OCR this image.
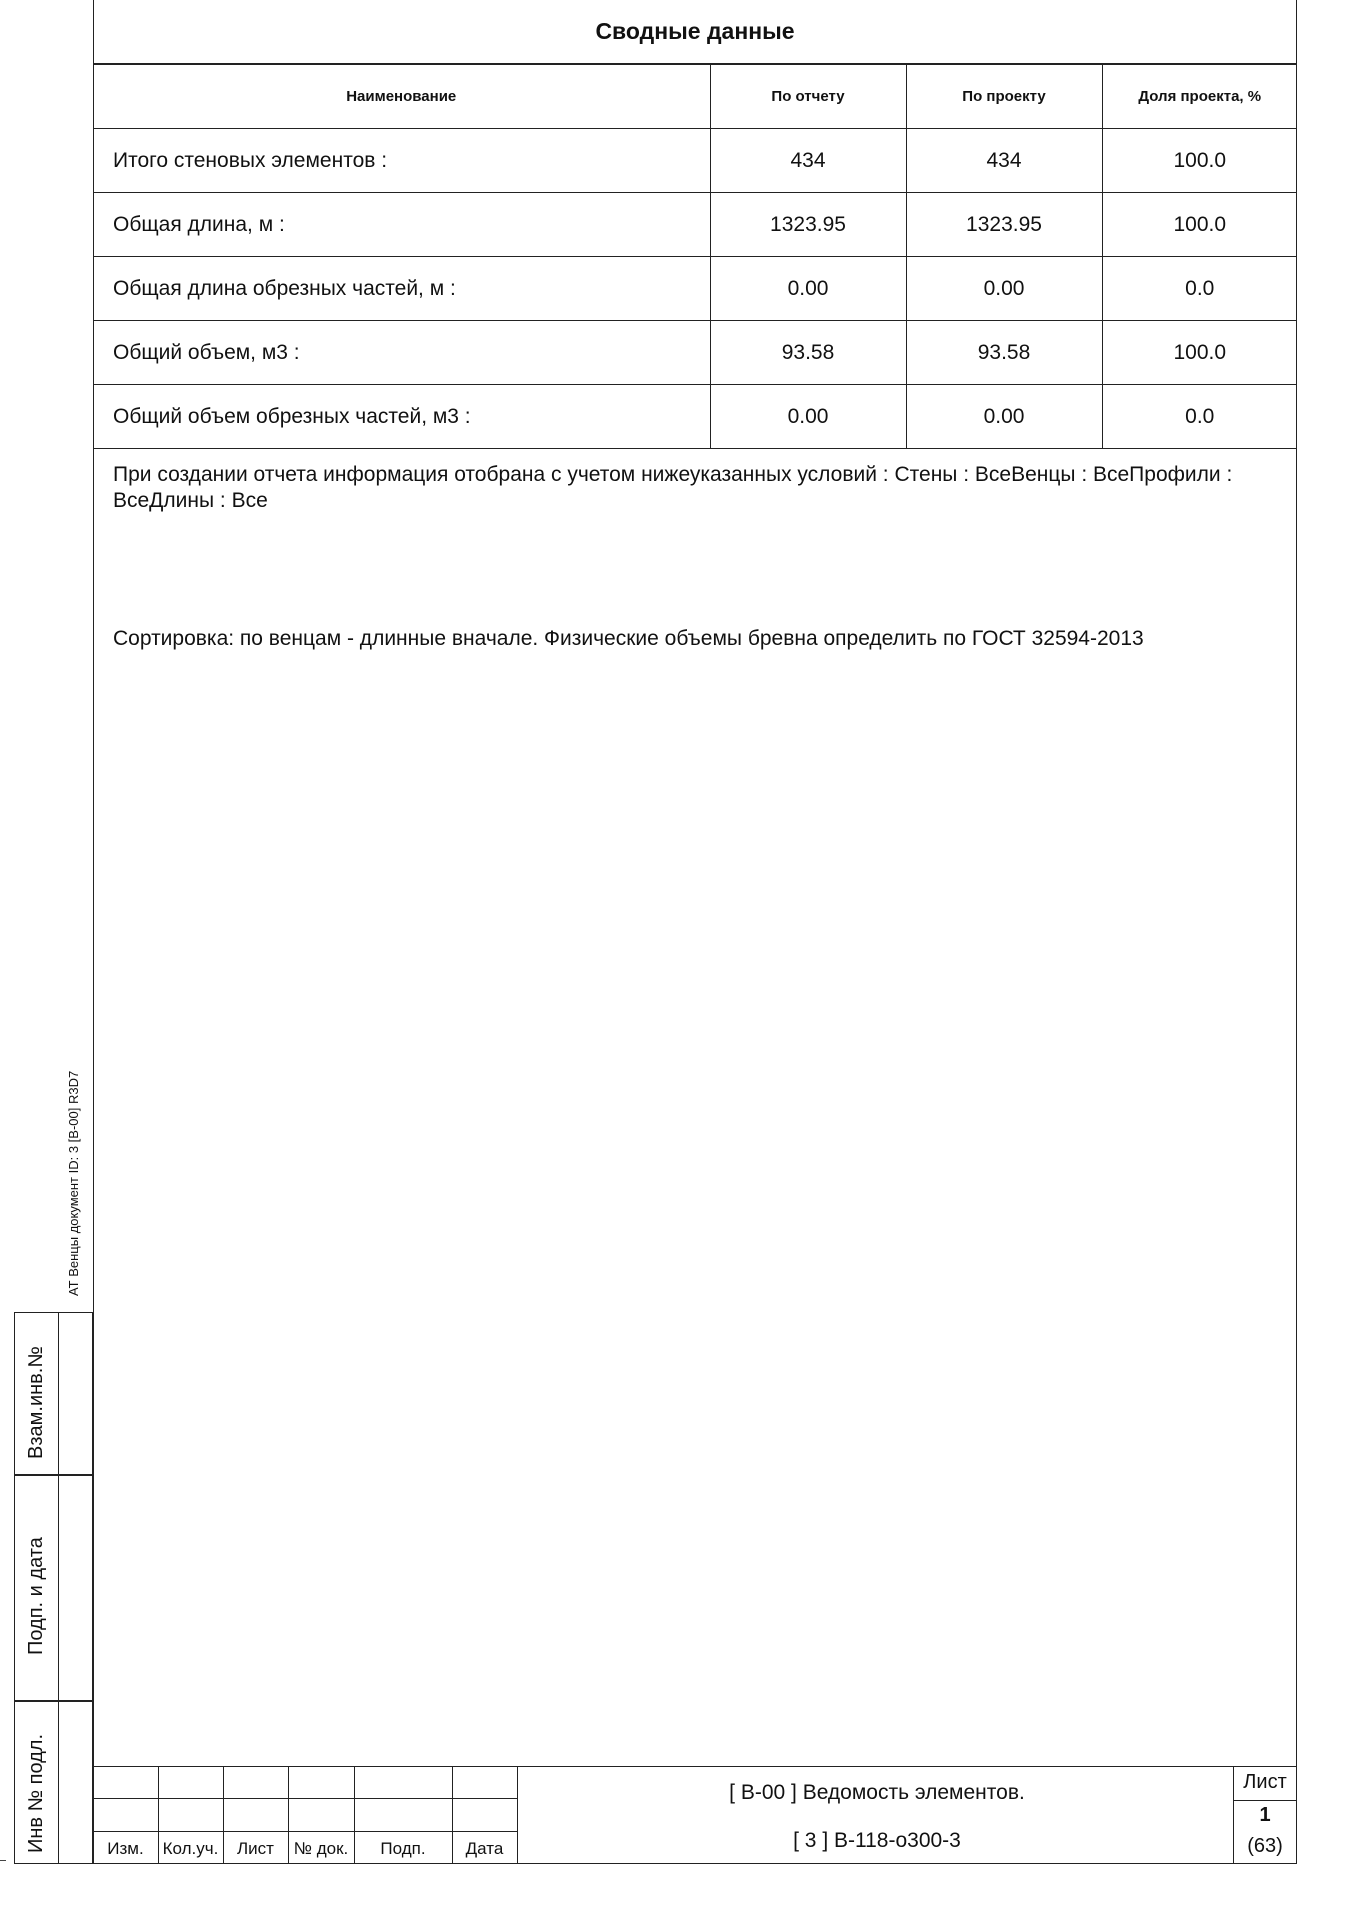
Сводные данные
Наименование	По отчету	По проекту	Доля проекта, %
Итого стеновых элементов :	434	434	100.0
Общая длина, м :	1323.95	1323.95	100.0
Общая длина обрезных частей, м :	0.00	0.00	0.0
Общий объем, м3 :	93.58	93.58	100.0
Общий объем обрезных частей, м3 :	0.00	0.00	0.0
При создании отчета информация отобрана с учетом нижеуказанных условий : Стены : ВсеВенцы : ВсеПрофили : ВсеДлины : Все
Сортировка: по венцам - длинные вначале. Физические объемы бревна определить по ГОСТ 32594-2013
АТ Венцы документ ID: 3 [В-00] R3D7
Взам.инв.№
Подп. и дата
Инв № подл.	Изм.	Кол.уч.	Лист	№ док.	Подп.	Дата
[ В-00 ] Ведомость элементов.
[ 3 ] В-118-о300-3
Лист
1
(63)
